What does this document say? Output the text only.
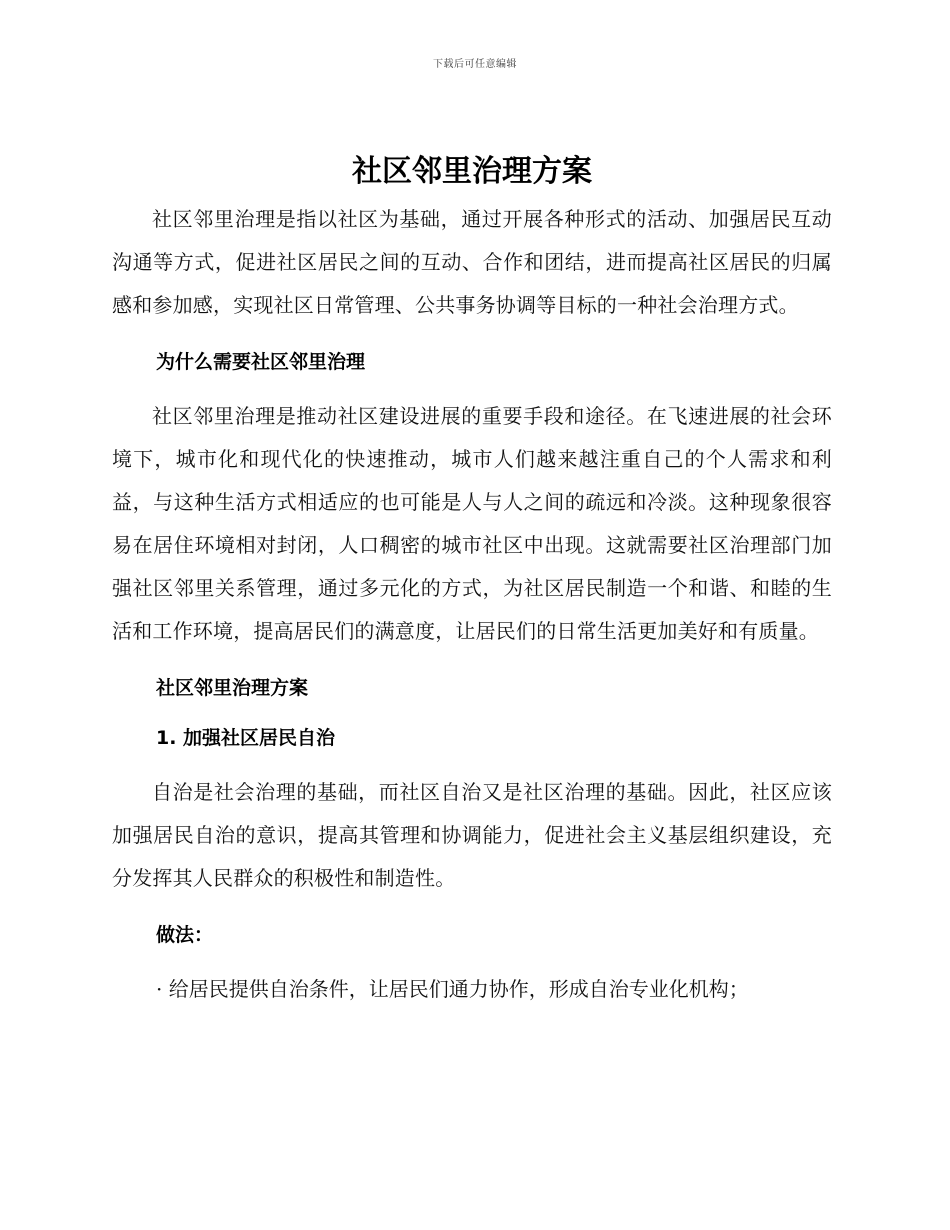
下载后可任意编辑
社区邻里治理方案

社区邻里治理是指以社区为基础，通过开展各种形式的活动、加强居民互动沟通等方式，促进社区居民之间的互动、合作和团结，进而提高社区居民的归属感和参加感，实现社区日常管理、公共事务协调等目标的一种社会治理方式。

为什么需要社区邻里治理

社区邻里治理是推动社区建设进展的重要手段和途径。在飞速进展的社会环境下，城市化和现代化的快速推动，城市人们越来越注重自己的个人需求和利益，与这种生活方式相适应的也可能是人与人之间的疏远和冷淡。这种现象很容易在居住环境相对封闭，人口稠密的城市社区中出现。这就需要社区治理部门加强社区邻里关系管理，通过多元化的方式，为社区居民制造一个和谐、和睦的生活和工作环境，提高居民们的满意度，让居民们的日常生活更加美好和有质量。

社区邻里治理方案
1. 加强社区居民自治

自治是社会治理的基础，而社区自治又是社区治理的基础。因此，社区应该加强居民自治的意识，提高其管理和协调能力，促进社会主义基层组织建设，充分发挥其人民群众的积极性和制造性。

做法：
· 给居民提供自治条件，让居民们通力协作，形成自治专业化机构；
